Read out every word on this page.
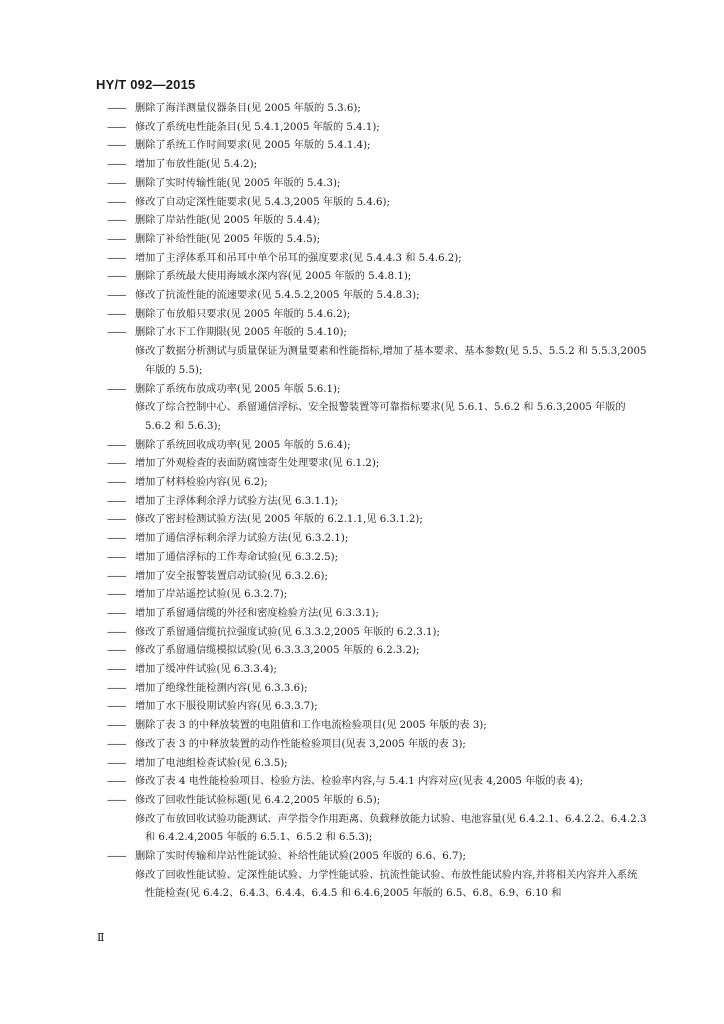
HY/T 092—2015
​
——删除了海洋测量仪器条目(见 2005 年版的 5.3.6);
——修改了系统电性能条目(见 5.4.1,2005 年版的 5.4.1);
——删除了系统工作时间要求(见 2005 年版的 5.4.1.4);
——增加了布放性能(见 5.4.2);
——删除了实时传输性能(见 2005 年版的 5.4.3);
——修改了自动定深性能要求(见 5.4.3,2005 年版的 5.4.6);
——删除了岸站性能(见 2005 年版的 5.4.4);
——删除了补给性能(见 2005 年版的 5.4.5);
——增加了主浮体系耳和吊耳中单个吊耳的强度要求(见 5.4.4.3 和 5.4.6.2);
——删除了系统最大使用海域水深内容(见 2005 年版的 5.4.8.1);
——修改了抗流性能的流速要求(见 5.4.5.2,2005 年版的 5.4.8.3);
——删除了布放船只要求(见 2005 年版的 5.4.6.2);
——删除了水下工作期限(见 2005 年版的 5.4.10);
——修改了数据分析测试与质量保证为测量要素和性能指标,增加了基本要求、基本参数(见 5.5、5.5.2 和 5.5.3,2005 年版的 5.5);
——删除了系统布放成功率(见 2005 年版 5.6.1);
——修改了综合控制中心、系留通信浮标、安全报警装置等可靠指标要求(见 5.6.1、5.6.2 和 5.6.3,2005 年版的 5.6.2 和 5.6.3);
——删除了系统回收成功率(见 2005 年版的 5.6.4);
——增加了外观检查的表面防腐蚀寄生处理要求(见 6.1.2);
——增加了材料检验内容(见 6.2);
——增加了主浮体剩余浮力试验方法(见 6.3.1.1);
——修改了密封检测试验方法(见 2005 年版的 6.2.1.1,见 6.3.1.2);
——增加了通信浮标剩余浮力试验方法(见 6.3.2.1);
——增加了通信浮标的工作寿命试验(见 6.3.2.5);
——增加了安全报警装置启动试验(见 6.3.2.6);
——增加了岸站遥控试验(见 6.3.2.7);
——增加了系留通信缆的外径和密度检验方法(见 6.3.3.1);
——修改了系留通信缆抗拉强度试验(见 6.3.3.2,2005 年版的 6.2.3.1);
——修改了系留通信缆模拟试验(见 6.3.3.3,2005 年版的 6.2.3.2);
——增加了缓冲件试验(见 6.3.3.4);
——增加了绝缘性能检测内容(见 6.3.3.6);
——增加了水下服役期试验内容(见 6.3.3.7);
——删除了表 3 的中释放装置的电阻值和工作电流检验项目(见 2005 年版的表 3);
——修改了表 3 的中释放装置的动作性能检验项目(见表 3,2005 年版的表 3);
——增加了电池组检查试验(见 6.3.5);
——修改了表 4 电性能检验项目、检验方法、检验率内容,与 5.4.1 内容对应(见表 4,2005 年版的表 4);
——修改了回收性能试验标题(见 6.4.2,2005 年版的 6.5);
——修改了布放回收试验功能测试、声学指令作用距离、负载释放能力试验、电池容量(见 6.4.2.1、6.4.2.2、6.4.2.3 和 6.4.2.4,2005 年版的 6.5.1、6.5.2 和 6.5.3);
——删除了实时传输和岸站性能试验、补给性能试验(2005 年版的 6.6、6.7);
——修改了回收性能试验、定深性能试验、力学性能试验、抗流性能试验、布放性能试验内容,并将相关内容并入系统性能检查(见 6.4.2、6.4.3、6.4.4、6.4.5 和 6.4.6,2005 年版的 6.5、6.8、6.9、6.10 和
Ⅱ
